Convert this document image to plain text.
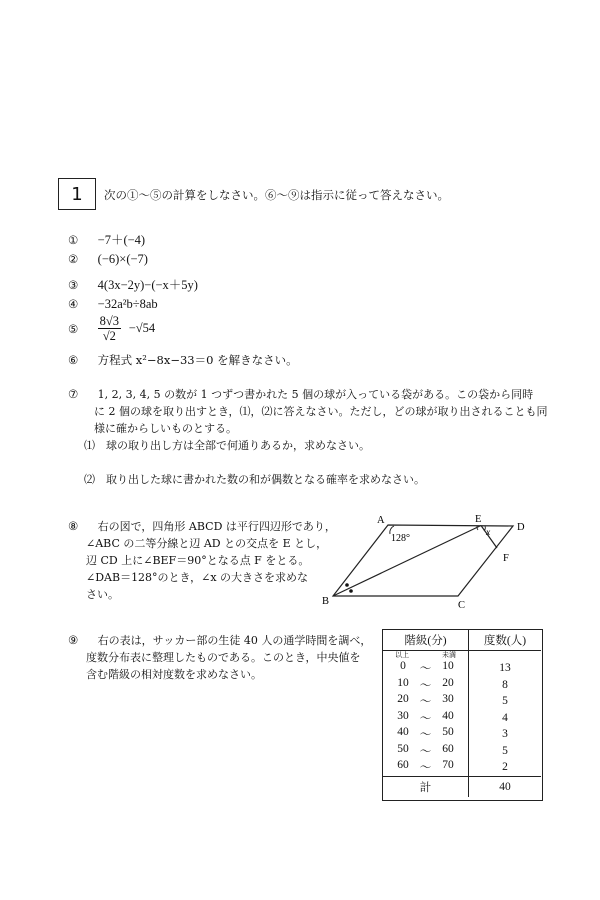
1 次の①〜⑤の計算をしなさい。⑥〜⑨は指示に従って答えなさい。
① −7＋(−4)
② (−6)×(−7)
③ 4(3x−2y)−(−x＋5y)
④ −32a²b÷8ab
⑤ $\frac{8√3}{√2} -√54$
⑥ 方程式 x²−8x−33＝0 を解きなさい。
⑦ 1, 2, 3, 4, 5 の数が 1 つずつ書かれた 5 個の球が入っている袋がある。この袋から同時
に 2 個の球を取り出すとき，⑴，⑵に答えなさい。ただし，どの球が取り出されることも同
様に確からしいものとする。
⑴　球の取り出し方は全部で何通りあるか，求めなさい。
⑵　取り出した球に書かれた数の和が偶数となる確率を求めなさい。
⑧ 右の図で，四角形 ABCD は平行四辺形であり，
∠ABC の二等分線と辺 AD との交点を E とし，
辺 CD 上に∠BEF＝90°となる点 F をとる。
∠DAB＝128°のとき，∠x の大きさを求めな
さい。
A
B	C
D
E
F
128°	x
⑨ 右の表は，サッカー部の生徒 40 人の通学時間を調べ，
度数分布表に整理したものである。このとき，中央値を
含む階級の相対度数を求めなさい。
階級(分)	度数(人)

以上 未満	

0 〜 10	13

10 〜 20	8

20 〜 30	5

30 〜 40	4

40 〜 50	3

50 〜 60	5

60 〜 70	2
計	40
